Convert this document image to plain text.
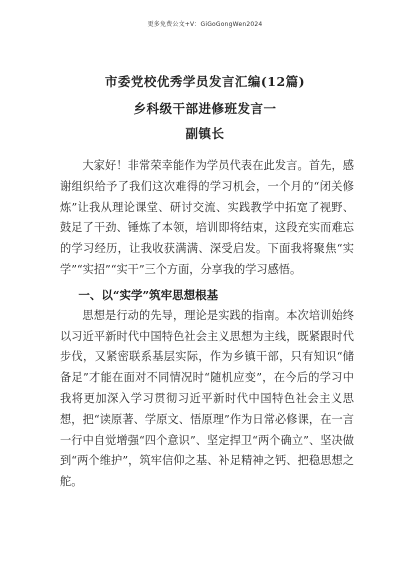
更多免费公文+V：GiGoGongWen2024
市委党校优秀学员发言汇编(12篇)
乡科级干部进修班发言一
副镇长

大家好！非常荣幸能作为学员代表在此发言。首先，感谢组织给予了我们这次难得的学习机会，一个月的“闭关修炼”让我从理论课堂、研讨交流、实践教学中拓宽了视野、鼓足了干劲、锤炼了本领，培训即将结束，这段充实而难忘的学习经历，让我收获满满、深受启发。下面我将聚焦“实学”“实招”“实干”三个方面，分享我的学习感悟。

一、以“实学”筑牢思想根基

思想是行动的先导，理论是实践的指南。本次培训始终以习近平新时代中国特色社会主义思想为主线，既紧跟时代步伐，又紧密联系基层实际，作为乡镇干部，只有知识“储备足”才能在面对不同情况时“随机应变”，在今后的学习中我将更加深入学习贯彻习近平新时代中国特色社会主义思想，把“读原著、学原文、悟原理”作为日常必修课，在一言一行中自觉增强“四个意识”、坚定捍卫“两个确立”、坚决做到“两个维护”，筑牢信仰之基、补足精神之钙、把稳思想之舵。
